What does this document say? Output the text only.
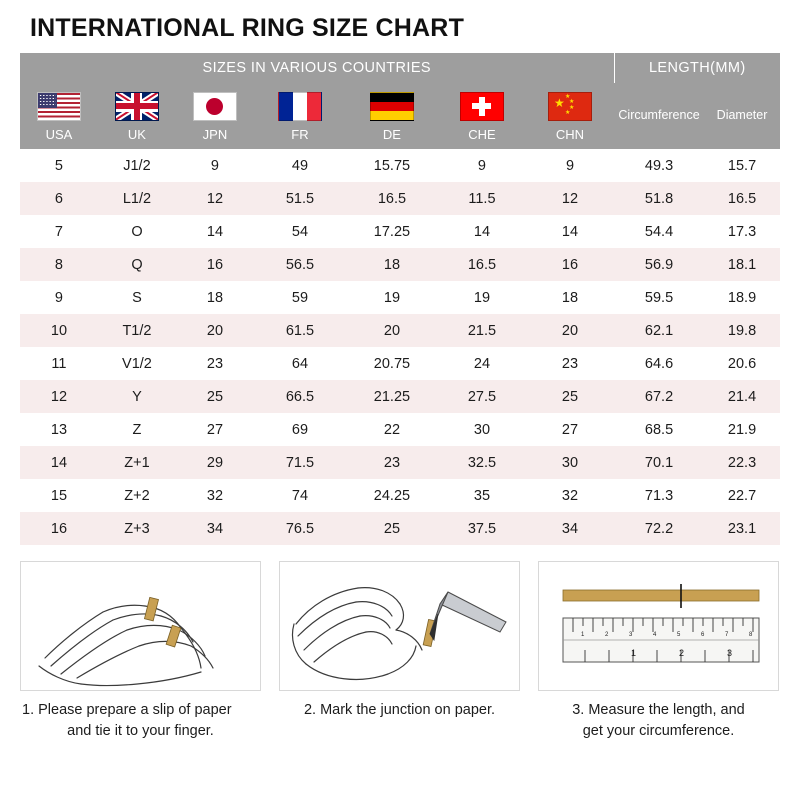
INTERNATIONAL RING SIZE CHART
SIZES IN VARIOUS COUNTRIES							LENGTH(MM)	

						★ ★
★
★
★	Circumference	Diameter
USA	UK	JPN	FR	DE	CHE	CHN		
5	J1/2	9	49	15.75	9	9	49.3	15.7
6	L1/2	12	51.5	16.5	11.5	12	51.8	16.5
7	O	14	54	17.25	14	14	54.4	17.3
8	Q	16	56.5	18	16.5	16	56.9	18.1
9	S	18	59	19	19	18	59.5	18.9
10	T1/2	20	61.5	20	21.5	20	62.1	19.8
11	V1/2	23	64	20.75	24	23	64.6	20.6
12	Y	25	66.5	21.25	27.5	25	67.2	21.4
13	Z	27	69	22	30	27	68.5	21.9
14	Z+1	29	71.5	23	32.5	30	70.1	22.3
15	Z+2	32	74	24.25	35	32	71.3	22.7
16	Z+3	34	76.5	25	37.5	34	72.2	23.1
1. Please prepare a slip of paper
and tie it to your finger.
2. Mark the junction on paper.
1	2	3
1	2	3	4	5	6	7	8
3. Measure the length, and
get your circumference.
